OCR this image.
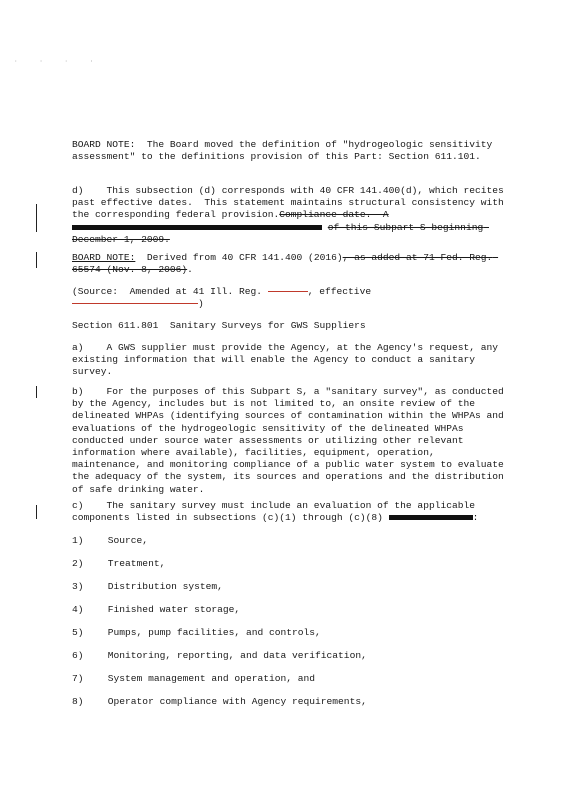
· · · ·
BOARD NOTE: The Board moved the definition of "hydrogeologic sensitivity assessment" to the definitions provision of this Part: Section 611.101.
d) This subsection (d) corresponds with 40 CFR 141.400(d), which recites past effective dates.  This statement maintains structural consistency with the corresponding federal provision.Compliance date.  A  of this Subpart S beginning December 1, 2009.
BOARD NOTE: Derived from 40 CFR 141.400 (2016), as added at 71 Fed. Reg. 65574 (Nov. 8, 2006).
(Source:  Amended at 41 Ill. Reg.	, effective
)
Section 611.801  Sanitary Surveys for GWS Suppliers
a) A GWS supplier must provide the Agency, at the Agency's request, any existing information that will enable the Agency to conduct a sanitary survey.
b) For the purposes of this Subpart S, a "sanitary survey", as conducted by the Agency, includes but is not limited to, an onsite review of the delineated WHPAs (identifying sources of contamination within the WHPAs and evaluations of the hydrogeologic sensitivity of the delineated WHPAs conducted under source water assessments or utilizing other relevant information where available), facilities, equipment, operation, maintenance, and monitoring compliance of a public water system to evaluate the adequacy of the system, its sources and operations and the distribution of safe drinking water.
c) The sanitary survey must include an evaluation of the applicable components listed in subsections (c)(1) through (c)(8)	:
1)	Source,
2)	Treatment,
3)	Distribution system,
4)	Finished water storage,
5)	Pumps, pump facilities, and controls,
6)	Monitoring, reporting, and data verification,
7)	System management and operation, and
8)	Operator compliance with Agency requirements,
